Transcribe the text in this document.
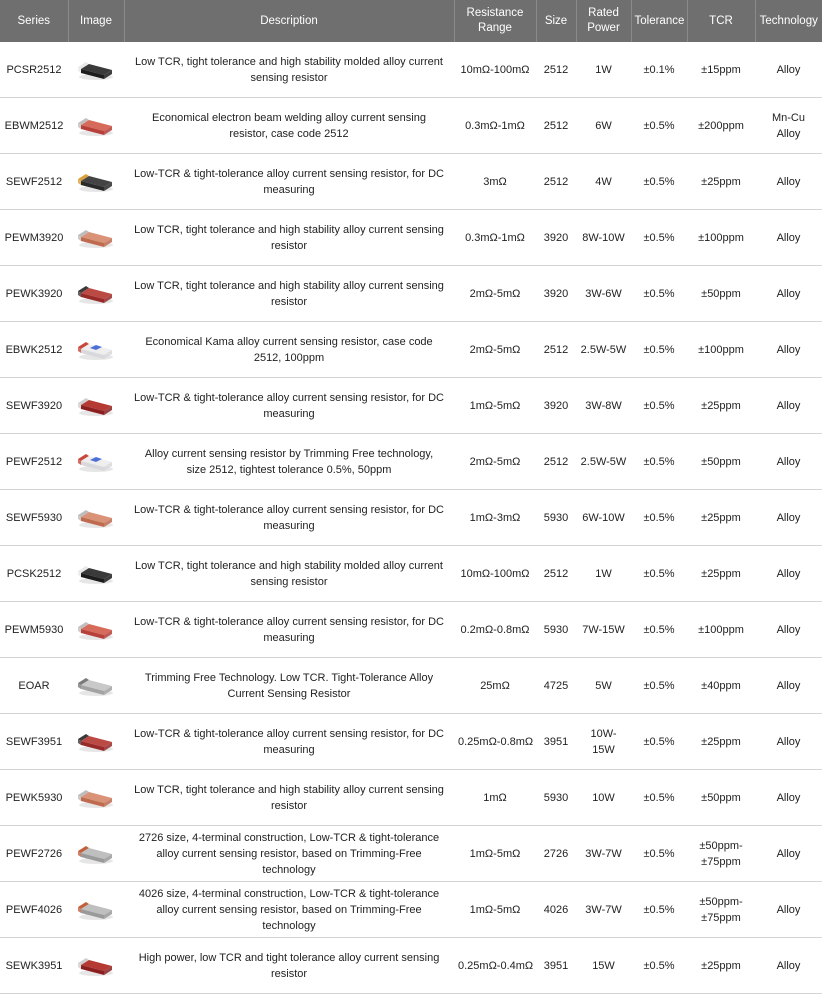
Series	Image	Description	Resistance Range	Size	Rated Power	Tolerance	TCR	Technology
PCSR2512		Low TCR, tight tolerance and high stability molded alloy current sensing resistor	10mΩ-100mΩ	2512	1W	±0.1%	±15ppm	Alloy
EBWM2512		Economical electron beam welding alloy current sensing resistor, case code 2512	0.3mΩ-1mΩ	2512	6W	±0.5%	±200ppm	Mn-Cu Alloy
SEWF2512		Low-TCR & tight-tolerance alloy current sensing resistor, for DC measuring	3mΩ	2512	4W	±0.5%	±25ppm	Alloy
PEWM3920		Low TCR, tight tolerance and high stability alloy current sensing resistor	0.3mΩ-1mΩ	3920	8W-10W	±0.5%	±100ppm	Alloy
PEWK3920		Low TCR, tight tolerance and high stability alloy current sensing resistor	2mΩ-5mΩ	3920	3W-6W	±0.5%	±50ppm	Alloy
EBWK2512		Economical Kama alloy current sensing resistor, case code 2512, 100ppm	2mΩ-5mΩ	2512	2.5W-5W	±0.5%	±100ppm	Alloy
SEWF3920		Low-TCR & tight-tolerance alloy current sensing resistor, for DC measuring	1mΩ-5mΩ	3920	3W-8W	±0.5%	±25ppm	Alloy
PEWF2512		Alloy current sensing resistor by Trimming Free technology, size 2512, tightest tolerance 0.5%, 50ppm	2mΩ-5mΩ	2512	2.5W-5W	±0.5%	±50ppm	Alloy
SEWF5930		Low-TCR & tight-tolerance alloy current sensing resistor, for DC measuring	1mΩ-3mΩ	5930	6W-10W	±0.5%	±25ppm	Alloy
PCSK2512		Low TCR, tight tolerance and high stability molded alloy current sensing resistor	10mΩ-100mΩ	2512	1W	±0.5%	±25ppm	Alloy
PEWM5930		Low-TCR & tight-tolerance alloy current sensing resistor, for DC measuring	0.2mΩ-0.8mΩ	5930	7W-15W	±0.5%	±100ppm	Alloy
EOAR		Trimming Free Technology. Low TCR. Tight-Tolerance Alloy Current Sensing Resistor	25mΩ	4725	5W	±0.5%	±40ppm	Alloy
SEWF3951		Low-TCR & tight-tolerance alloy current sensing resistor, for DC measuring	0.25mΩ-0.8mΩ	3951	10W-15W	±0.5%	±25ppm	Alloy
PEWK5930		Low TCR, tight tolerance and high stability alloy current sensing resistor	1mΩ	5930	10W	±0.5%	±50ppm	Alloy
PEWF2726		2726 size, 4-terminal construction, Low-TCR & tight-tolerance alloy current sensing resistor, based on Trimming-Free technology	1mΩ-5mΩ	2726	3W-7W	±0.5%	±50ppm-±75ppm	Alloy
PEWF4026		4026 size, 4-terminal construction, Low-TCR & tight-tolerance alloy current sensing resistor, based on Trimming-Free technology	1mΩ-5mΩ	4026	3W-7W	±0.5%	±50ppm-±75ppm	Alloy
SEWK3951		High power, low TCR and tight tolerance alloy current sensing resistor	0.25mΩ-0.4mΩ	3951	15W	±0.5%	±25ppm	Alloy
